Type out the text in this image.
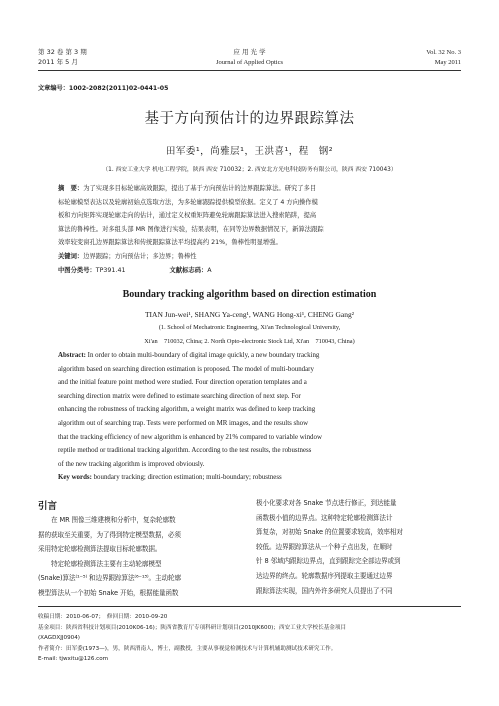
第 32 卷 第 3 期
2011 年 5 月
应 用 光 学
Journal of Applied Optics
Vol. 32 No. 3
May 2011
文章编号：1002-2082(2011)02-0441-05
基于方向预估计的边界跟踪算法
田军委¹，尚雅层¹，王洪喜¹，程　钢²
（1. 西安工业大学 机电工程学院，陕西 西安 710032；2. 西安北方光电科技防务有限公司，陕西 西安 710043）

摘　要：为了实现多目标轮廓高效跟踪，提出了基于方向预估计的边界跟踪算法。研究了多目

标轮廓模型表达以及轮廓初始点选取方法，为多轮廓跟踪提供模型依据。定义了 4 方向操作模

板和方向矩阵实现轮廓走向的估计，通过定义权重矩阵避免轮廓跟踪算法进入搜索陷阱，提高

算法的鲁棒性。对多组头部 MR 图像进行实验，结果表明，在同等边界数据情况下，新算法跟踪

效率较变窗孔边界跟踪算法和传统跟踪算法平均提高约 21%，鲁棒性明显增强。

关键词：边界跟踪；方向预估计；多边界；鲁棒性

中图分类号：TP391.41	文献标志码：A

Boundary tracking algorithm based on direction estimation
TIAN Jun-wei¹, SHANG Ya-ceng¹, WANG Hong-xi¹, CHENG Gang²
(1. School of Mechatronic Engineering, Xi'an Technological University,
Xi'an　710032, China; 2. North Opto-electronic Stock Ltd, Xi'an　710043, China)

Abstract: In order to obtain multi-boundary of digital image quickly, a new boundary tracking

algorithm based on searching direction estimation is proposed. The model of multi-boundary

and the initial feature point method were studied. Four direction operation templates and a

searching direction matrix were defined to estimate searching direction of next step. For

enhancing the robustness of tracking algorithm, a weight matrix was defined to keep tracking

algorithm out of searching trap. Tests were performed on MR images, and the results show

that the tracking efficiency of new algorithm is enhanced by 21% compared to variable window

reptile method or traditional tracking algorithm. According to the test results, the robustness

of the new tracking algorithm is improved obviously.

Key words: boundary tracking; direction estimation; multi-boundary; robustness

引言

　　在 MR 图像三维建模和分析中，复杂轮廓数

据的获取至关重要，为了得到特定模型数据，必须

采用特定轮廓检测算法提取目标轮廓数据。

　　特定轮廓检测算法主要有主动轮廓模型

(Snake)算法⁽¹⁻⁵⁾ 和边界跟踪算法⁽⁶⁻¹³⁾。主动轮廓

模型算法从一个初始 Snake 开始，根据能量函数

极小化要求对各 Snake 节点进行修正，到达能量

函数极小值的边界点。这种特定轮廓检测算法计

算复杂，对初始 Snake 的位置要求较高，效率相对

较低。边界跟踪算法从一个种子点出发，在顺时

针 8 邻域内跟踪边界点，直到跟踪完全部边界或到

达边界的终点。轮廓数据序列提取主要通过边界

跟踪算法实现，国内外许多研究人员提出了不同

收稿日期：2010-06-07；　修回日期：2010-09-20
基金项目：陕西省科技计划项目(2010K06-16)；陕西省教育厅专项科研计划项目(2010JK600)；西安工业大学校长基金项目
(XAGDXJJ0904)
作者简介：田军委(1973—)，男，陕西渭南人，博士，副教授，主要从事视觉检测技术与计算机辅助测试技术研究工作。
E-mail: tjwxitu@126.com
